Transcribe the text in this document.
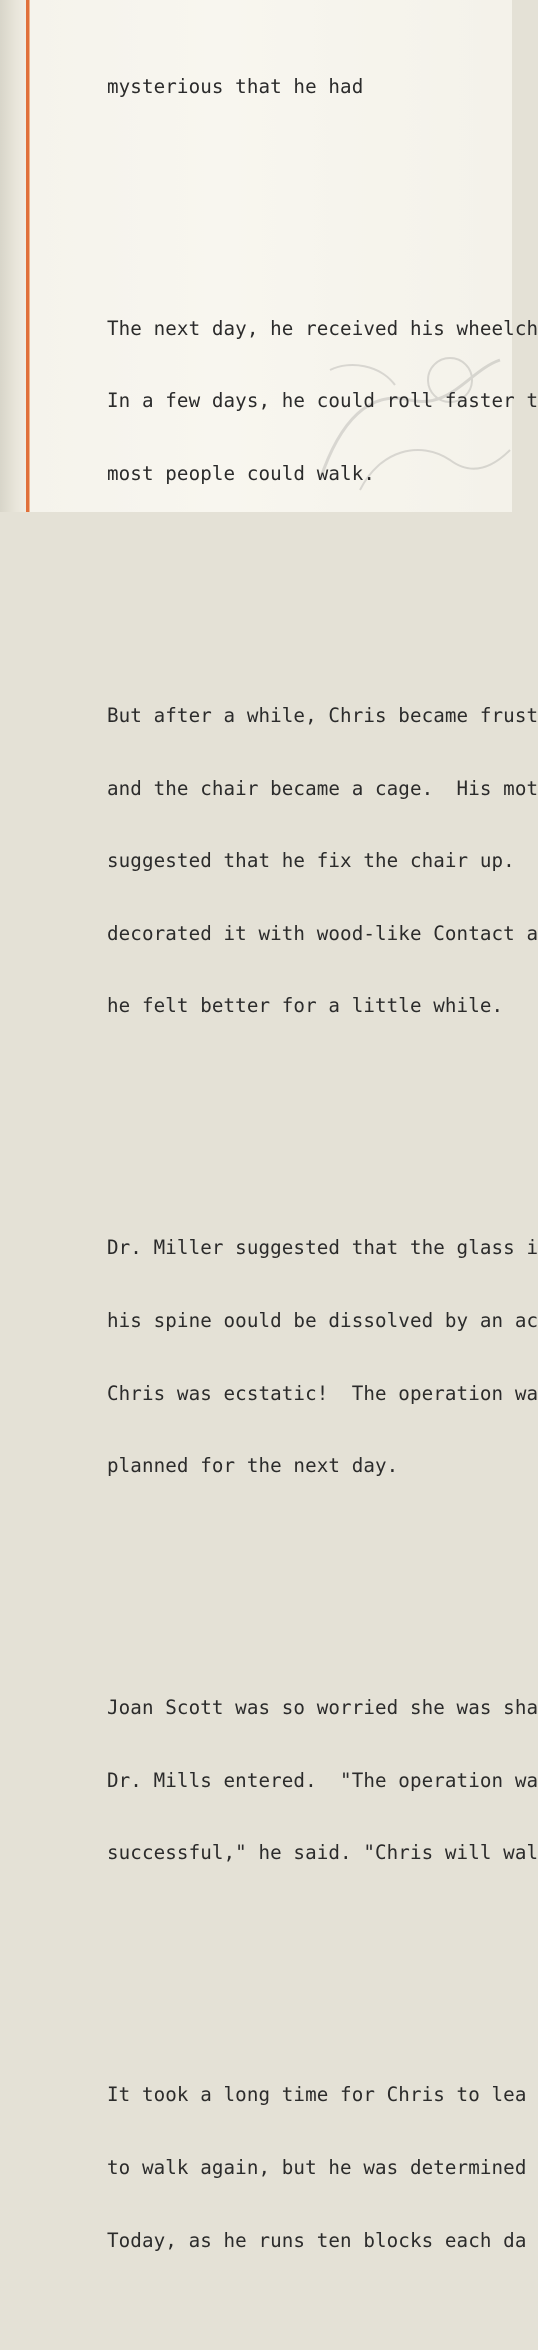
mysterious that he had

The next day, he received his wheelch

In a few days, he could roll faster t

most people could walk.

But after a while, Chris became frust

and the chair became a cage.  His mot

suggested that he fix the chair up.

decorated it with wood-like Contact a

he felt better for a little while.

Dr. Miller suggested that the glass i

his spine oould be dissolved by an ac

Chris was ecstatic!  The operation wa

planned for the next day.

Joan Scott was so worried she was sha

Dr. Mills entered.  "The operation wa

successful," he said. "Chris will wal

It took a long time for Chris to lea

to walk again, but he was determined

Today, as he runs ten blocks each da
